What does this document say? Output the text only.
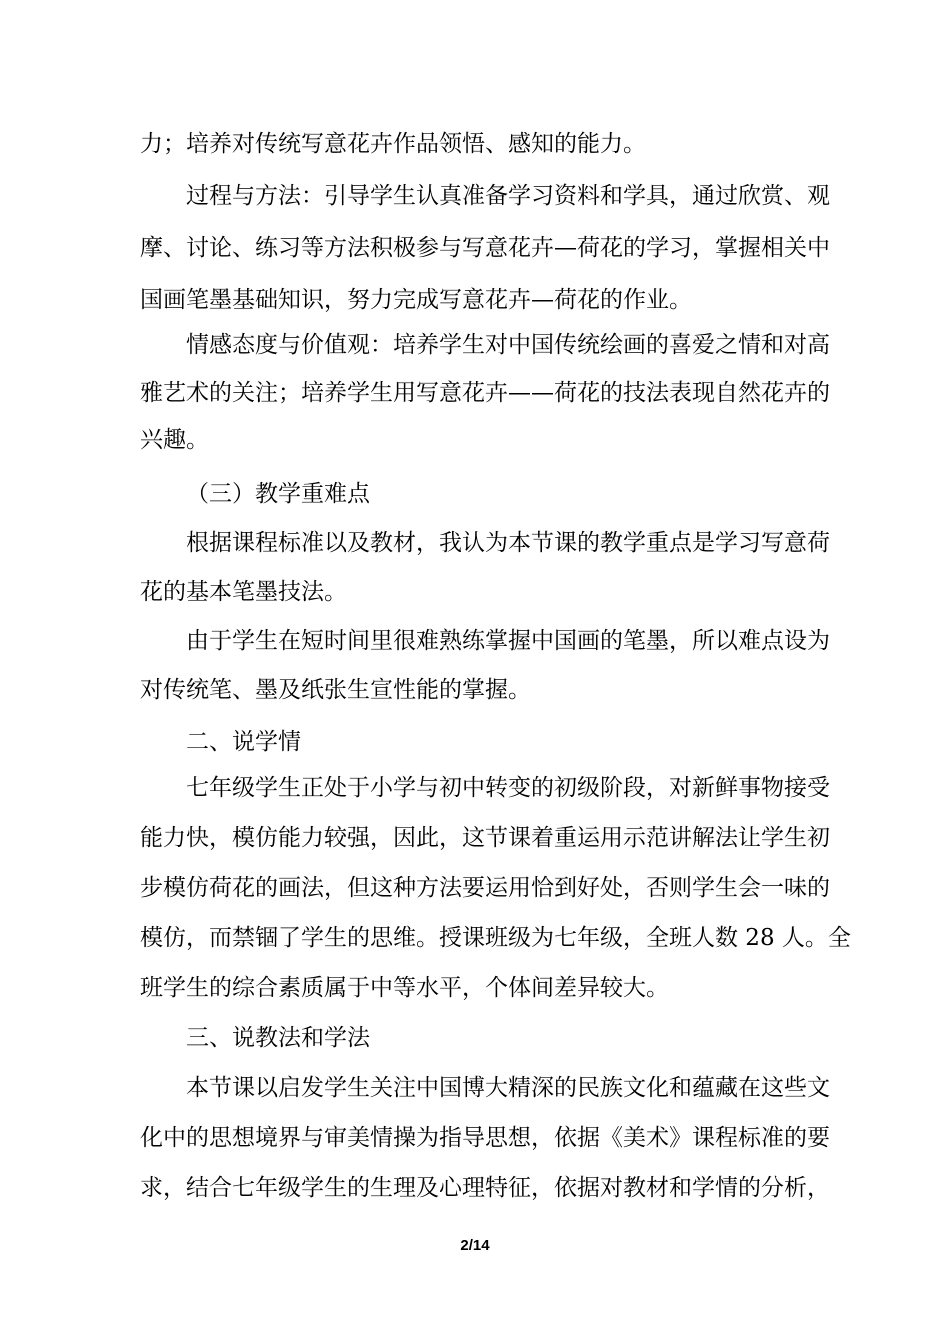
力；培养对传统写意花卉作品领悟、感知的能力。
过程与方法：引导学生认真准备学习资料和学具，通过欣赏、观
摩、讨论、练习等方法积极参与写意花卉—荷花的学习，掌握相关中
国画笔墨基础知识，努力完成写意花卉—荷花的作业。
情感态度与价值观：培养学生对中国传统绘画的喜爱之情和对高
雅艺术的关注；培养学生用写意花卉——荷花的技法表现自然花卉的
兴趣。
（三）教学重难点
根据课程标准以及教材，我认为本节课的教学重点是学习写意荷
花的基本笔墨技法。
由于学生在短时间里很难熟练掌握中国画的笔墨，所以难点设为
对传统笔、墨及纸张生宣性能的掌握。
二、说学情
七年级学生正处于小学与初中转变的初级阶段，对新鲜事物接受
能力快，模仿能力较强，因此，这节课着重运用示范讲解法让学生初
步模仿荷花的画法，但这种方法要运用恰到好处，否则学生会一味的
模仿，而禁锢了学生的思维。授课班级为七年级，全班人数 28 人。全
班学生的综合素质属于中等水平，个体间差异较大。
三、说教法和学法
本节课以启发学生关注中国博大精深的民族文化和蕴藏在这些文
化中的思想境界与审美情操为指导思想，依据《美术》课程标准的要
求，结合七年级学生的生理及心理特征，依据对教材和学情的分析，
2/14
